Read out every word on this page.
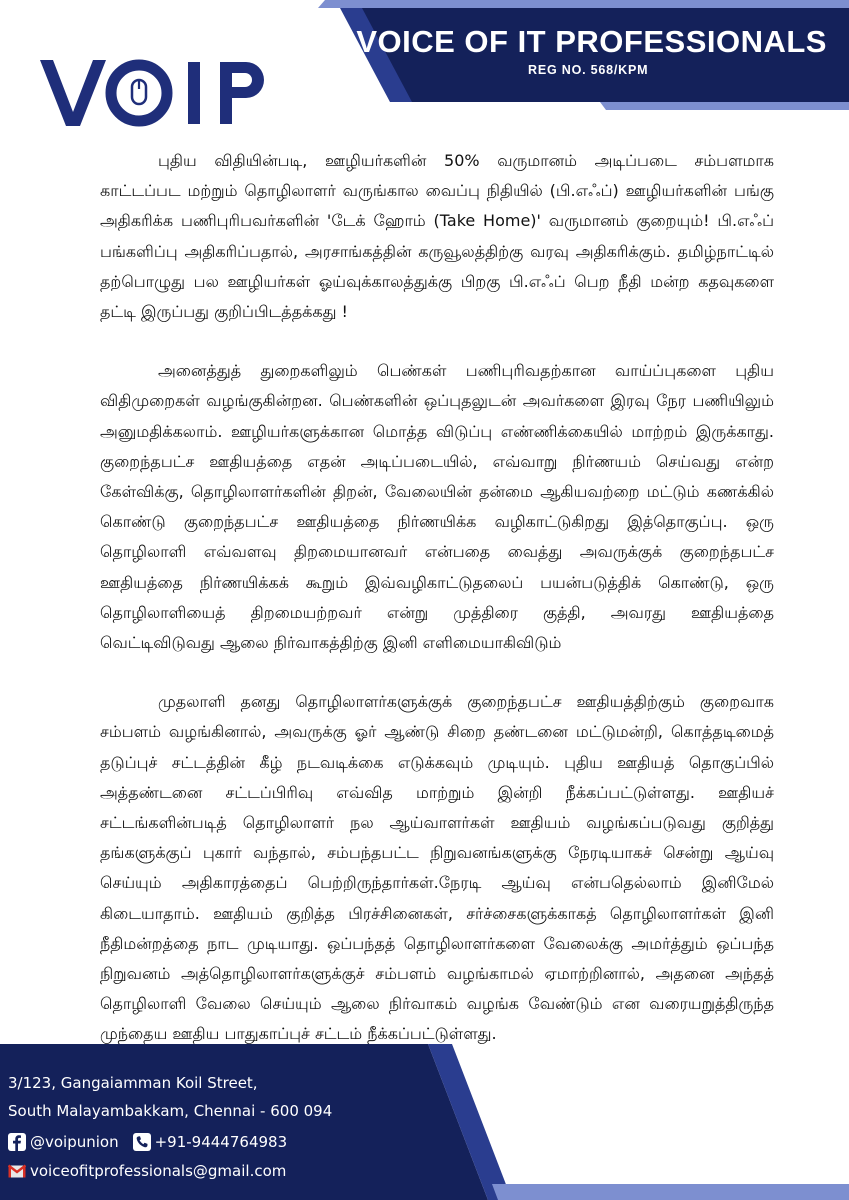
VOICE OF IT PROFESSIONALS
REG NO. 568/KPM

புதிய விதியின்படி, ஊழியர்களின் 50% வருமானம் அடிப்படை சம்பளமாக காட்டப்பட மற்றும் தொழிலாளர் வருங்கால வைப்பு நிதியில் (பி.எஃப்) ஊழியர்களின் பங்கு அதிகரிக்க பணிபுரிபவர்களின் 'டேக் ஹோம் (Take Home)' வருமானம் குறையும்! பி.எஃப் பங்களிப்பு அதிகரிப்பதால், அரசாங்கத்தின் கருவூலத்திற்கு வரவு அதிகரிக்கும். தமிழ்நாட்டில் தற்பொழுது பல ஊழியர்கள் ஓய்வுக்காலத்துக்கு பிறகு பி.எஃப் பெற நீதி மன்ற கதவுகளை தட்டி இருப்பது குறிப்பிடத்தக்கது !

அனைத்துத் துறைகளிலும் பெண்கள் பணிபுரிவதற்கான வாய்ப்புகளை புதிய விதிமுறைகள் வழங்குகின்றன. பெண்களின் ஒப்புதலுடன் அவர்களை இரவு நேர பணியிலும் அனுமதிக்கலாம். ஊழியர்களுக்கான மொத்த விடுப்பு எண்ணிக்கையில் மாற்றம் இருக்காது. குறைந்தபட்ச ஊதியத்தை எதன் அடிப்படையில், எவ்வாறு நிர்ணயம் செய்வது என்ற கேள்விக்கு, தொழிலாளர்களின் திறன், வேலையின் தன்மை ஆகியவற்றை மட்டும் கணக்கில் கொண்டு குறைந்தபட்ச ஊதியத்தை நிர்ணயிக்க வழிகாட்டுகிறது இத்தொகுப்பு. ஒரு தொழிலாளி எவ்வளவு திறமையானவர் என்பதை வைத்து அவருக்குக் குறைந்தபட்ச ஊதியத்தை நிர்ணயிக்கக் கூறும் இவ்வழிகாட்டுதலைப் பயன்படுத்திக் கொண்டு, ஒரு தொழிலாளியைத் திறமையற்றவர் என்று முத்திரை குத்தி, அவரது ஊதியத்தை வெட்டிவிடுவது ஆலை நிர்வாகத்திற்கு இனி எளிமையாகிவிடும்

முதலாளி தனது தொழிலாளர்களுக்குக் குறைந்தபட்ச ஊதியத்திற்கும் குறைவாக சம்பளம் வழங்கினால், அவருக்கு ஓர் ஆண்டு சிறை தண்டனை மட்டுமன்றி, கொத்தடிமைத் தடுப்புச் சட்டத்தின் கீழ் நடவடிக்கை எடுக்கவும் முடியும். புதிய ஊதியத் தொகுப்பில் அத்தண்டனை சட்டப்பிரிவு எவ்வித மாற்றும் இன்றி நீக்கப்பட்டுள்ளது. ஊதியச் சட்டங்களின்படித் தொழிலாளர் நல ஆய்வாளர்கள் ஊதியம் வழங்கப்படுவது குறித்து தங்களுக்குப் புகார் வந்தால், சம்பந்தபட்ட நிறுவனங்களுக்கு நேரடியாகச் சென்று ஆய்வு செய்யும் அதிகாரத்தைப் பெற்றிருந்தார்கள்.நேரடி ஆய்வு என்பதெல்லாம் இனிமேல் கிடையாதாம். ஊதியம் குறித்த பிரச்சினைகள், சர்ச்சைகளுக்காகத் தொழிலாளர்கள் இனி நீதிமன்றத்தை நாட முடியாது. ஒப்பந்தத் தொழிலாளர்களை வேலைக்கு அமர்த்தும் ஒப்பந்த நிறுவனம் அத்தொழிலாளர்களுக்குச் சம்பளம் வழங்காமல் ஏமாற்றினால், அதனை அந்தத் தொழிலாளி வேலை செய்யும் ஆலை நிர்வாகம் வழங்க வேண்டும் என வரையறுத்திருந்த முந்தைய ஊதிய பாதுகாப்புச் சட்டம் நீக்கப்பட்டுள்ளது.

3/123, Gangaiamman Koil Street,
South Malayambakkam, Chennai - 600 094
@voipunion +91-9444764983
voiceofitprofessionals@gmail.com
